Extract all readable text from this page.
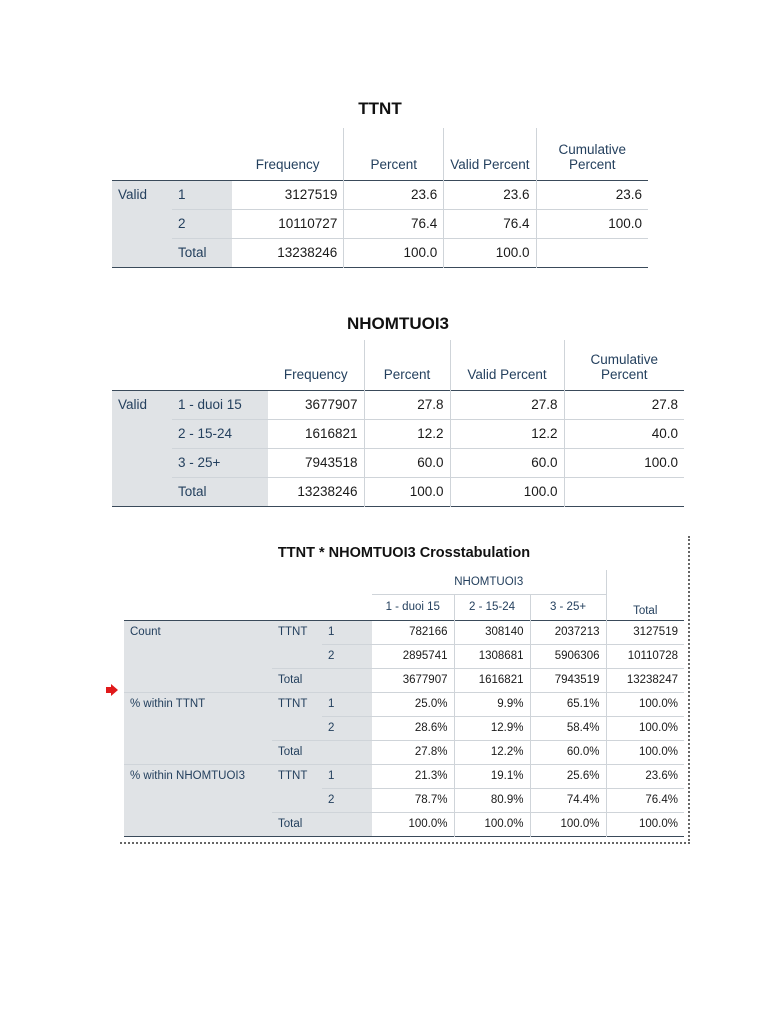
TTNT
		Frequency	Percent	Valid Percent	Cumulative
Percent

Valid	1	3127519	23.6	23.6	23.6
	2	10110727	76.4	76.4	100.0
	Total	13238246	100.0	100.0	
NHOMTUOI3
		Frequency	Percent	Valid Percent	Cumulative
Percent

Valid	1 - duoi 15	3677907	27.8	27.8	27.8
	2 - 15-24	1616821	12.2	12.2	40.0
	3 - 25+	7943518	60.0	60.0	100.0
	Total	13238246	100.0	100.0	
TTNT * NHOMTUOI3 Crosstabulation
			NHOMTUOI3			
			1 - duoi 15	2 - 15-24	3 - 25+	Total
Count	TTNT	1	782166	308140	2037213	3127519
		2	2895741	1308681	5906306	10110728
	Total		3677907	1616821	7943519	13238247
% within TTNT	TTNT	1	25.0%	9.9%	65.1%	100.0%
		2	28.6%	12.9%	58.4%	100.0%
	Total		27.8%	12.2%	60.0%	100.0%
% within NHOMTUOI3	TTNT	1	21.3%	19.1%	25.6%	23.6%
		2	78.7%	80.9%	74.4%	76.4%
	Total		100.0%	100.0%	100.0%	100.0%
